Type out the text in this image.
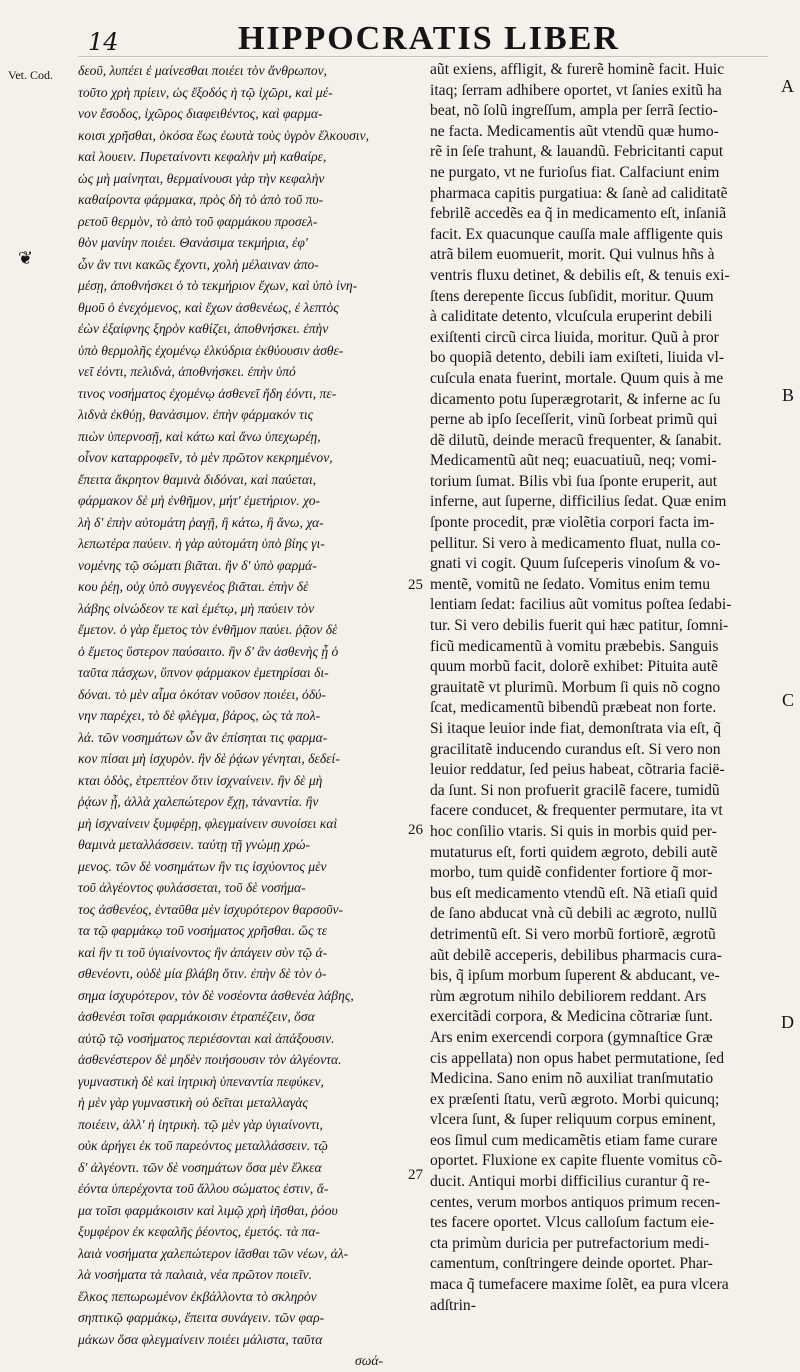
14	HIPPOCRATIS LIBER
Vet. Cod.
❦
δεοῦ, λυπέει ἐ μαίνεσθαι ποιέει τὸν ἄνθρωπον,
τοῦτο χρὴ πρίειν, ὡς ἔξοδός ἡ τῷ ἰχῶρι, καὶ μέ-
νον ἔσοδος, ἰχῶρος διαφειθέντος, καὶ φαρμα-
κοισι χρῆσθαι, ὁκόσα ἕως ἐωυτὰ τοὺς ὑγρὸν ἕλκουσιν,
καὶ λουειν. Πυρεταίνοντι κεφαλὴν μὴ καθαίρε,
ὡς μὴ μαίνηται, θερμαίνουσι γὰρ τὴν κεφαλὴν
καθαίροντα φάρμακα, πρὸς δὴ τὸ ἀπὸ τοῦ πυ-
ρετοῦ θερμὸν, τὸ ἀπὸ τοῦ φαρμάκου προσελ-
θὸν μανίην ποιέει. Θανάσιμα τεκμήρια, ἐφ'
ὧν ἂν τινι κακῶς ἔχοντι, χολὴ μέλαιναν ἀπο-
μέσῃ, ἀποθνήσκει ὁ τὸ τεκμήριον ἔχων, καὶ ὑπὸ ἰνη-
θμοῦ ὁ ἐνεχόμενος, καὶ ἔχων ἀσθενέως, ἐ λεπτὸς
ἐὼν ἐξαίφνης ξηρὸν καθίζει, ἀποθνήσκει. ἐπὴν
ὑπὸ θερμολῆς ἐχομένῳ ἑλκύδρια ἐκθύουσιν ἀσθε-
νεῖ ἐόντι, πελιδνά, ἀποθνήσκει. ἐπὴν ὑπό
τινος νοσήματος ἐχομένῳ ἀσθενεῖ ἤδη ἐόντι, πε-
λιδνὰ ἐκθύῃ, θανάσιμον. ἐπὴν φάρμακόν τις
πιὼν ὑπερνοσῇ, καὶ κάτω καὶ ἄνω ὑπεχωρέῃ,
οἶνον καταρροφεῖν, τὸ μὲν πρῶτον κεκρημένον,
ἔπειτα ἄκρητον θαμινὰ διδόναι, καὶ παύεται,
φάρμακον δὲ μὴ ἐνθῆμον, μήτ' ἐμετήριον. χο-
λὴ δ' ἐπὴν αὐτομάτη ῥαγῇ, ἢ κάτω, ἢ ἄνω, χα-
λεπωτέρα παύειν. ἡ γὰρ αὐτομάτη ὑπὸ βίης γι-
νομένης τῷ σώματι βιᾶται. ἢν δ' ὑπὸ φαρμά-
κου ῥέῃ, οὐχ ὑπὸ συγγενέος βιᾶται. ἐπὴν δὲ
λάβης οἰνώδεον τε καὶ ἐμέτῳ, μὴ παύειν τὸν
ἔμετον. ὁ γὰρ ἔμετος τὸν ἐνθῆμον παύει. ῥᾷον δὲ
ὁ ἔμετος ὕστερον παύσαιτο. ἢν δ' ἂν ἀσθενὴς ᾖ ὁ
ταῦτα πάσχων, ὕπνον φάρμακον ἐμετηρίσαι δι-
δόναι. τὸ μὲν αἷμα ὁκόταν νοῦσον ποιέει, ὀδύ-
νην παρέχει, τὸ δὲ φλέγμα, βάρος, ὡς τὰ πολ-
λά. τῶν νοσημάτων ὧν ἂν ἐπίσηται τις φαρμα-
κον πίσαι μὴ ἰσχυρὸν. ἢν δὲ ῥᾴων γένηται, δεδεί-
κται ὁδὸς, ἐτρεπτέον ὅτιν ἰσχναίνειν. ἢν δὲ μὴ
ῥᾴων ᾖ, ἀλλὰ χαλεπώτερον ἔχῃ, τἀναντία. ἢν
μὴ ἰσχναίνειν ξυμφέρῃ, φλεγμαίνειν συνοίσει καὶ
θαμινὰ μεταλλάσσειν. ταύτῃ τῇ γνώμῃ χρώ-
μενος. τῶν δὲ νοσημάτων ἢν τις ἰσχύοντος μὲν
τοῦ ἀλγέοντος φυλάσσεται, τοῦ δὲ νοσήμα-
τος ἀσθενέος, ἐνταῦθα μὲν ἰσχυρότερον θαρσοῦν-
τα τῷ φαρμάκῳ τοῦ νοσήματος χρῆσθαι. ὥς τε
καὶ ἢν τι τοῦ ὑγιαίνοντος ἢν ἀπάγειν σὺν τῷ ἀ-
σθενέοντι, οὐδὲ μία βλάβη ὅτιν. ἐπὴν δὲ τὸν ὀ-
σημα ἰσχυρότερον, τὸν δὲ νοσέοντα ἀσθενέα λάβης,
ἀσθενέσι τοῖσι φαρμάκοισιν ἐτραπέζειν, ὅσα
αὐτῷ τῷ νοσήματος περιέσονται καὶ ἀπάξουσιν.
ἀσθενέστερον δὲ μηδὲν ποιήσουσιν τὸν ἀλγέοντα.
γυμναστικὴ δὲ καὶ ἰητρικὴ ὑπεναντία πεφύκεν,
ἡ μὲν γὰρ γυμναστικὴ οὐ δεῖται μεταλλαγὰς
ποιέειν, ἀλλ' ἡ ἰητρικὴ. τῷ μὲν γὰρ ὑγιαίνοντι,
οὐκ ἀρήγει ἐκ τοῦ παρεόντος μεταλλάσσειν. τῷ
δ' ἀλγέοντι. τῶν δὲ νοσημάτων ὅσα μὲν ἕλκεα
ἐόντα ὑπερέχοντα τοῦ ἄλλου σώματος ἐστιν, ἅ-
μα τοῖσι φαρμάκοισιν καὶ λιμῷ χρὴ ἰῆσθαι, ῥόου
ξυμφέρον ἐκ κεφαλῆς ῥέοντος, ἐμετός. τὰ πα-
λαιὰ νοσήματα χαλεπώτερον ἰᾶσθαι τῶν νέων, ἀλ-
λὰ νοσήματα τὰ παλαιὰ, νέα πρῶτον ποιεῖν.
ἕλκος πεπωρωμένον ἐκβάλλοντα τὸ σκληρὸν
σηπτικῷ φαρμάκῳ, ἔπειτα συνάγειν. τῶν φαρ-
μάκων ὅσα φλεγμαίνειν ποιέει μάλιστα, ταῦτα
σωά-
aũt exiens, affligit, & furerẽ hominẽ facit. Huic
itaq; ſerram adhibere oportet, vt ſanies exitũ ha
beat, nõ ſolũ ingreſſum, ampla per ſerrã ſectio-
ne facta. Medicamentis aũt vtendũ quæ humo-
rẽ in ſeſe trahunt, & lauandũ. Febricitanti caput
ne purgato, vt ne furioſus fiat. Calfaciunt enim
pharmaca capitis purgatiua: & ſanè ad caliditatẽ
febrilẽ accedẽs ea q̃ in medicamento eſt, inſaniã
facit. Ex quacunque cauſſa male affligente quis
atrã bilem euomuerit, morit. Qui vulnus hñs à
ventris fluxu detinet, & debilis eſt, & tenuis exi-
ſtens derepente ſiccus ſubſidit, moritur. Quum
à caliditate detento, vlcuſcula eruperint debili
exiſtenti circũ circa liuida, moritur. Quũ à pror
bo quopiã detento, debili iam exiſteti, liuida vl-
cuſcula enata fuerint, mortale. Quum quis à me
dicamento potu ſuperægrotarit, & inferne ac ſu
perne ab ipſo ſeceſſerit, vinũ ſorbeat primũ qui
dẽ dilutũ, deinde meracũ frequenter, & ſanabit.
Medicamentũ aũt neq; euacuatiuũ, neq; vomi-
torium ſumat. Bilis vbi ſua ſponte eruperit, aut
inferne, aut ſuperne, difficilius ſedat. Quæ enim
ſponte procedit, præ violẽtia corpori facta im-
pellitur. Si vero à medicamento fluat, nulla co-
gnati vi cogit. Quum ſuſceperis vinoſum & vo-
mentẽ, vomitũ ne ſedato. Vomitus enim temu
lentiam ſedat: facilius aũt vomitus poſtea ſedabi-
tur. Si vero debilis fuerit qui hæc patitur, ſomni-
ficũ medicamentũ à vomitu præbebis. Sanguis
quum morbũ facit, dolorẽ exhibet: Pituita autẽ
grauitatẽ vt plurimũ. Morbum ſi quis nõ cogno
ſcat, medicamentũ bibendũ præbeat non forte.
Si itaque leuior inde fiat, demonſtrata via eſt, q̃
gracilitatẽ inducendo curandus eſt. Si vero non
leuior reddatur, ſed peius habeat, cõtraria facië-
da ſunt. Si non profuerit gracilẽ facere, tumidũ
facere conducet, & frequenter permutare, ita vt
hoc conſilio vtaris. Si quis in morbis quid per-
mutaturus eſt, forti quidem ægroto, debili autẽ
morbo, tum quidẽ confidenter fortiore q̃ mor-
bus eſt medicamento vtendũ eſt. Nã etiaſi quid
de ſano abducat vnà cũ debili ac ægroto, nullũ
detrimentũ eſt. Si vero morbũ fortiorẽ, ægrotũ
aũt debilẽ acceperis, debilibus pharmacis cura-
bis, q̃ ipſum morbum ſuperent & abducant, ve-
rùm ægrotum nihilo debiliorem reddant. Ars
exercitãdi corpora, & Medicina cõtrariæ ſunt.
Ars enim exercendi corpora (gymnaſtice Græ
cis appellata) non opus habet permutatione, ſed
Medicina. Sano enim nõ auxiliat tranſmutatio
ex præſenti ſtatu, verũ ægroto. Morbi quicunq;
vlcera ſunt, & ſuper reliquum corpus eminent,
eos ſimul cum medicamẽtis etiam fame curare
oportet. Fluxione ex capite fluente vomitus cõ-
ducit. Antiqui morbi difficilius curantur q̃ re-
centes, verum morbos antiquos primum recen-
tes facere oportet. Vlcus calloſum factum eie-
cta primùm duricia per putrefactorium medi-
camentum, conſtringere deinde oportet. Phar-
maca q̃ tumefacere maxime ſolẽt, ea pura vlcera
adſtrin-
A
B
C
D
25
26
27
